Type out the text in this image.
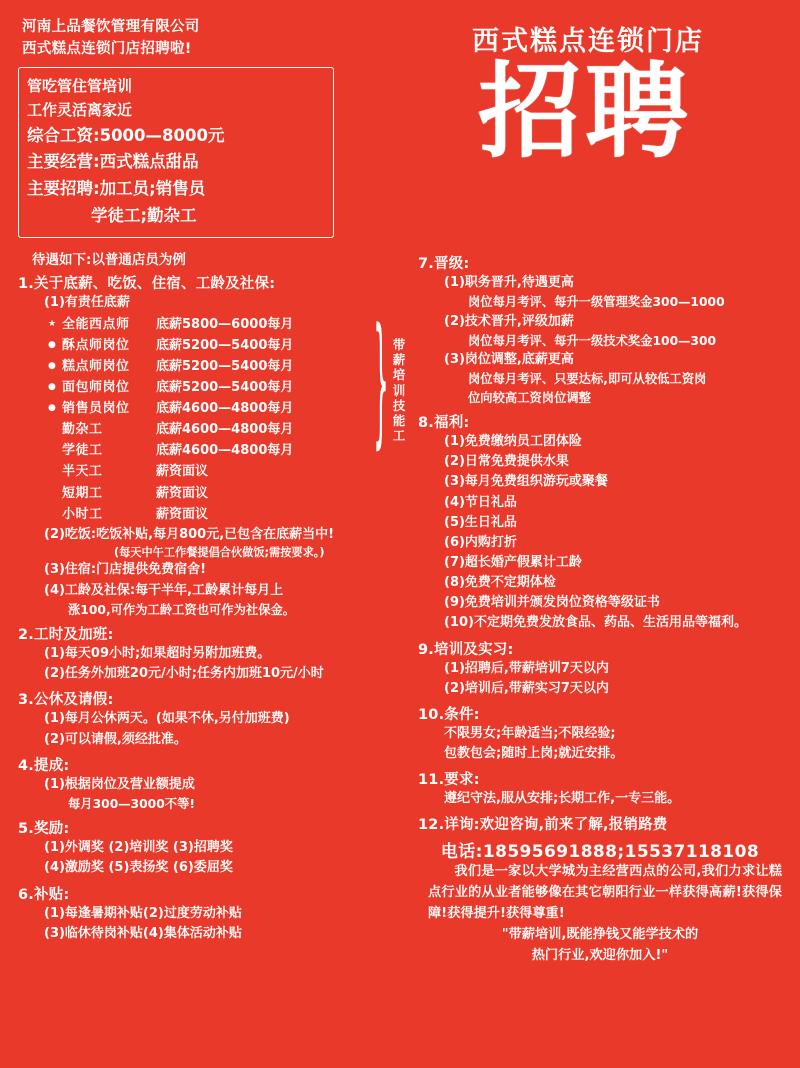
河南上品餐饮管理有限公司
西式糕点连锁门店招聘啦!
管吃管住管培训
工作灵活离家近
综合工资:5000—8000元
主要经营:西式糕点甜品
主要招聘:加工员;销售员
学徒工;勤杂工
西式糕点连锁门店
招聘
待遇如下:以普通店员为例
1.关于底薪、吃饭、住宿、工龄及社保:
(1)有责任底薪
★ 全能西点师	底薪5800—6000每月
● 酥点师岗位	底薪5200—5400每月
● 糕点师岗位	底薪5200—5400每月
● 面包师岗位	底薪5200—5400每月
● 销售员岗位	底薪4600—4800每月
勤杂工	底薪4600—4800每月
学徒工	底薪4600—4800每月
半天工	薪资面议
短期工	薪资面议
小时工	薪资面议
} 带薪培训技能工
(2)吃饭:吃饭补贴,每月800元,已包含在底薪当中!
(每天中午工作餐提倡合伙做饭;需按要求。)
(3)住宿:门店提供免费宿舍!
(4)工龄及社保:每干半年,工龄累计每月上
涨100,可作为工龄工资也可作为社保金。
2.工时及加班:
(1)每天09小时;如果超时另附加班费。
(2)任务外加班20元/小时;任务内加班10元/小时
3.公休及请假:
(1)每月公休两天。(如果不休,另付加班费)
(2)可以请假,须经批准。
4.提成:
(1)根据岗位及营业额提成
每月300—3000不等!
5.奖励:
(1)外调奖 (2)培训奖 (3)招聘奖
(4)激励奖 (5)表扬奖 (6)委屈奖
6.补贴:
(1)每逢暑期补贴(2)过度劳动补贴
(3)临休待岗补贴(4)集体活动补贴
7.晋级:
(1)职务晋升,待遇更高
岗位每月考评、每升一级管理奖金300—1000
(2)技术晋升,评级加薪
岗位每月考评、每升一级技术奖金100—300
(3)岗位调整,底薪更高
岗位每月考评、只要达标,即可从较低工资岗
位向较高工资岗位调整
8.福利:
(1)免费缴纳员工团体险
(2)日常免费提供水果
(3)每月免费组织游玩或聚餐
(4)节日礼品
(5)生日礼品
(6)内购打折
(7)超长婚产假累计工龄
(8)免费不定期体检
(9)免费培训并颁发岗位资格等级证书
(10)不定期免费发放食品、药品、生活用品等福利。
9.培训及实习:
(1)招聘后,带薪培训7天以内
(2)培训后,带薪实习7天以内
10.条件:
不限男女;年龄适当;不限经验;
包教包会;随时上岗;就近安排。
11.要求:
遵纪守法,服从安排;长期工作,一专三能。
12.详询:欢迎咨询,前来了解,报销路费
电话:18595691888;15537118108
我们是一家以大学城为主经营西点的公司,我们力求让糕点行业的从业者能够像在其它朝阳行业一样获得高薪!获得保障!获得提升!获得尊重!
"带薪培训,既能挣钱又能学技术的
热门行业,欢迎你加入!"
